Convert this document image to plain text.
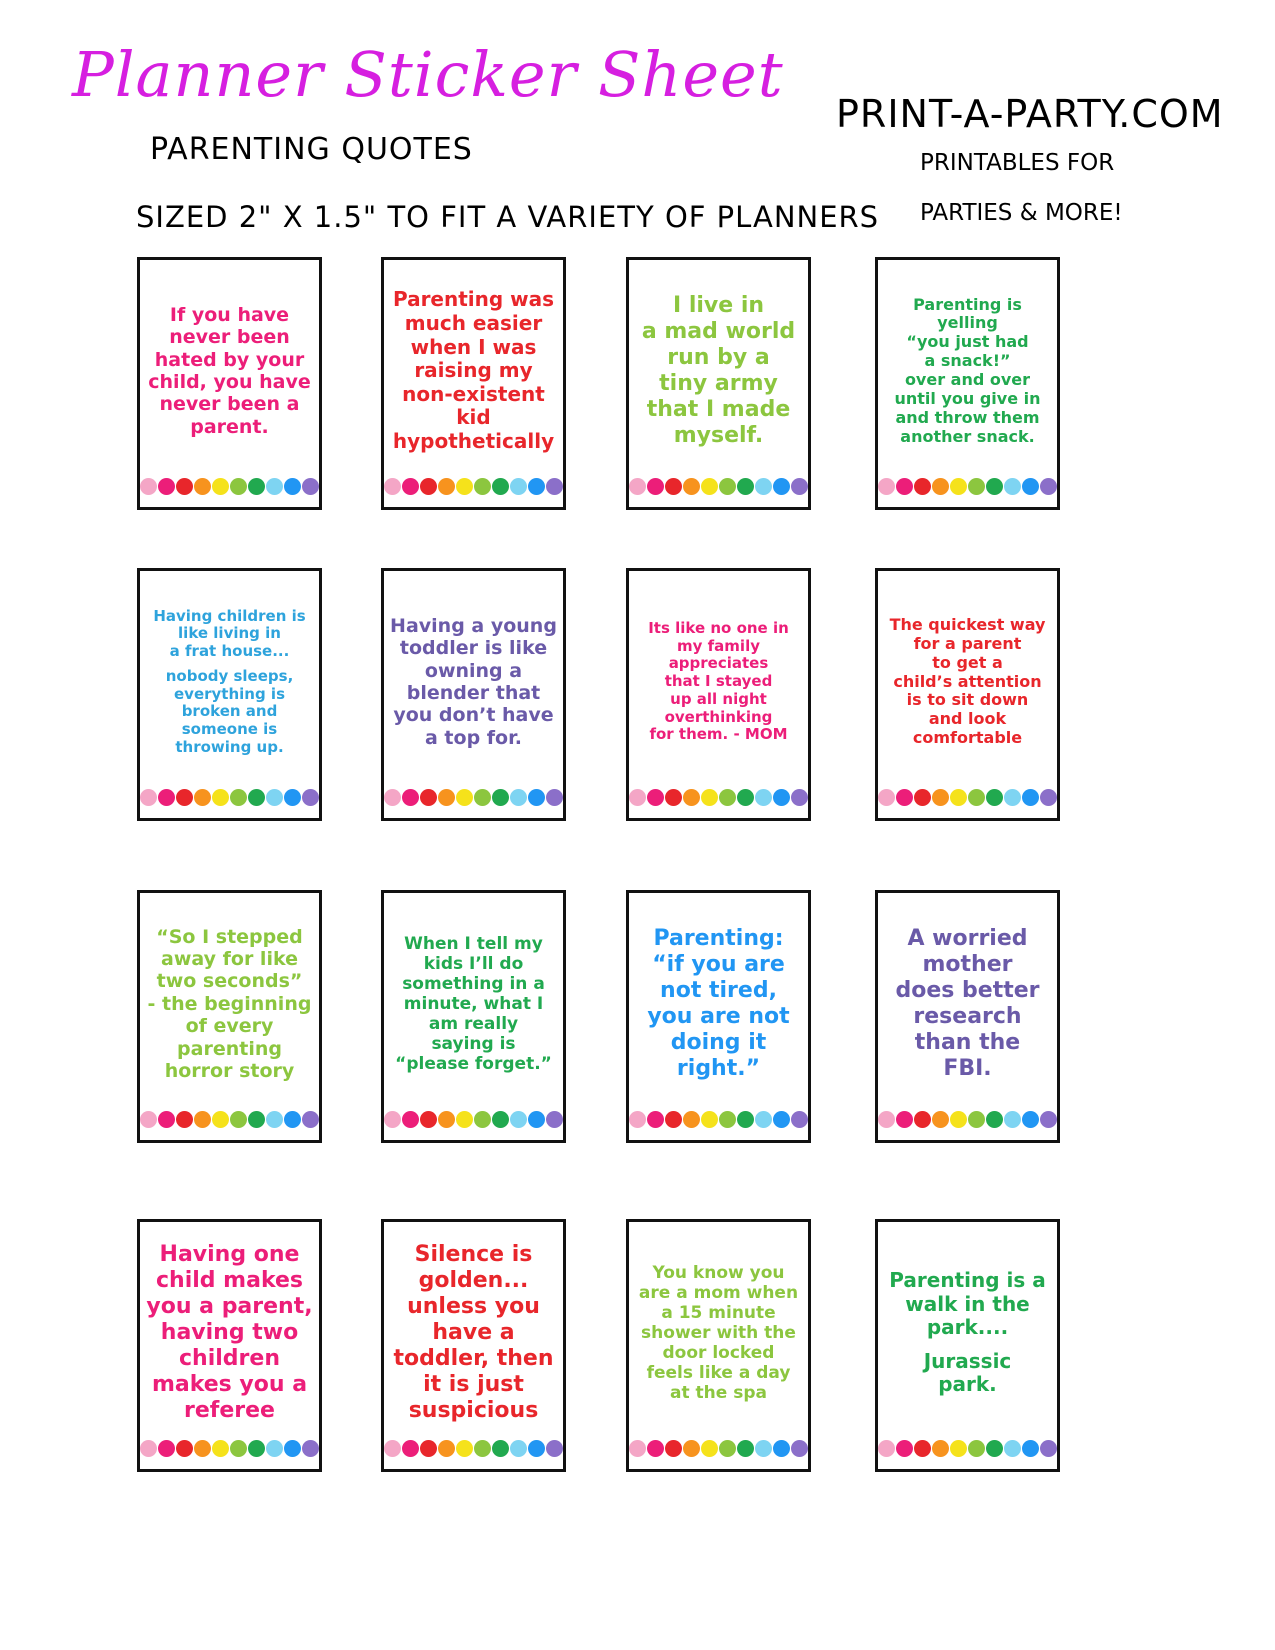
Planner Sticker Sheet
PARENTING QUOTES
SIZED 2" X 1.5" TO FIT A VARIETY OF PLANNERS
PRINT-A-PARTY.COM
PRINTABLES FOR
PARTIES & MORE!
If you have
never been
hated by your
child, you have
never been a
parent.
Parenting was
much easier
when I was
raising my
non-existent
kid
hypothetically
I live in
a mad world
run by a
tiny army
that I made
myself.
Parenting is
yelling
“you just had
a snack!”
over and over
until you give in
and throw them
another snack.
Having children is
like living in
a frat house...
nobody sleeps,
everything is
broken and
someone is
throwing up.
Having a young
toddler is like
owning a
blender that
you don’t have
a top for.
Its like no one in
my family
appreciates
that I stayed
up all night
overthinking
for them. - MOM
The quickest way
for a parent
to get a
child’s attention
is to sit down
and look
comfortable
“So I stepped
away for like
two seconds”
- the beginning
of every
parenting
horror story
When I tell my
kids I’ll do
something in a
minute, what I
am really
saying is
“please forget.”
Parenting:
“if you are
not tired,
you are not
doing it
right.”
A worried
mother
does better
research
than the
FBI.
Having one
child makes
you a parent,
having two
children
makes you a
referee
Silence is
golden...
unless you
have a
toddler, then
it is just
suspicious
You know you
are a mom when
a 15 minute
shower with the
door locked
feels like a day
at the spa
Parenting is a
walk in the
park....
Jurassic
park.
